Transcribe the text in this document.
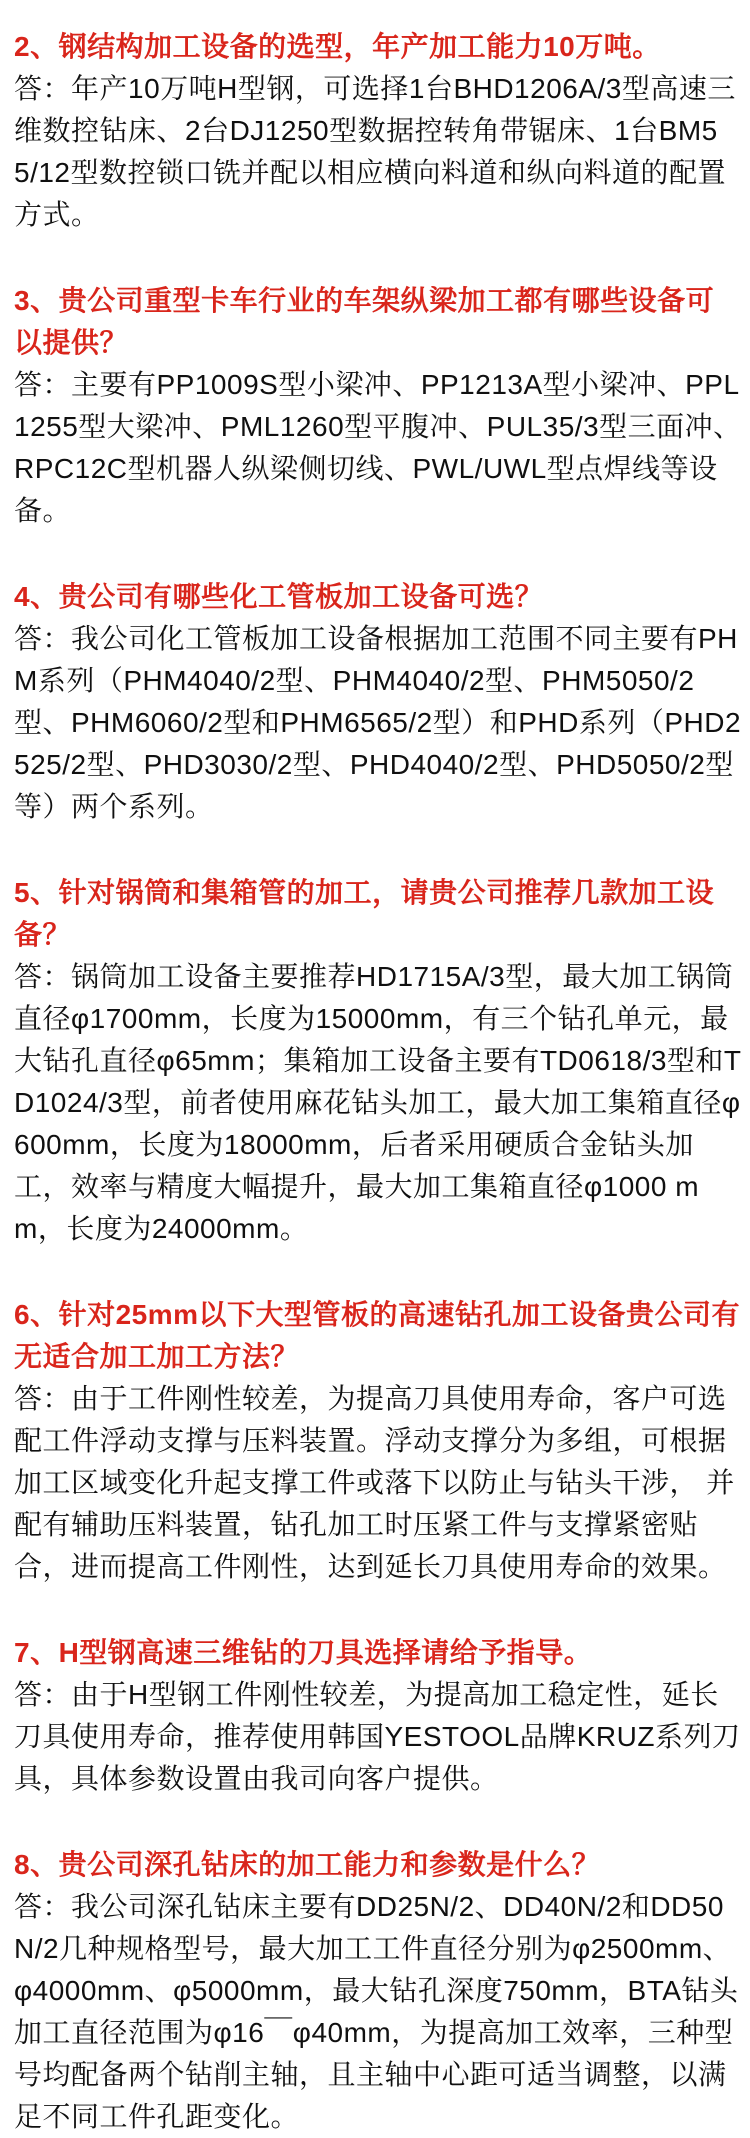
2、钢结构加工设备的选型，年产加工能力10万吨。

答：年产10万吨H型钢，可选择1台BHD1206A/3型高速三维数控钻床、2台DJ1250型数据控转角带锯床、1台BM55/12型数控锁口铣并配以相应横向料道和纵向料道的配置方式。

3、贵公司重型卡车行业的车架纵梁加工都有哪些设备可以提供？

答：主要有PP1009S型小梁冲、PP1213A型小梁冲、PPL1255型大梁冲、PML1260型平腹冲、PUL35/3型三面冲、RPC12C型机器人纵梁侧切线、PWL/UWL型点焊线等设备。

4、贵公司有哪些化工管板加工设备可选？

答：我公司化工管板加工设备根据加工范围不同主要有PHM系列（PHM4040/2型、PHM4040/2型、PHM5050/2型、PHM6060/2型和PHM6565/2型）和PHD系列（PHD2525/2型、PHD3030/2型、PHD4040/2型、PHD5050/2型等）两个系列。

5、针对锅筒和集箱管的加工，请贵公司推荐几款加工设备？

答：锅筒加工设备主要推荐HD1715A/3型，最大加工锅筒直径φ1700mm，长度为15000mm，有三个钻孔单元，最大钻孔直径φ65mm；集箱加工设备主要有TD0618/3型和TD1024/3型，前者使用麻花钻头加工，最大加工集箱直径φ600mm，长度为18000mm，后者采用硬质合金钻头加工，效率与精度大幅提升，最大加工集箱直径φ1000 mm，长度为24000mm。

6、针对25mm以下大型管板的高速钻孔加工设备贵公司有无适合加工加工方法？

答：由于工件刚性较差，为提高刀具使用寿命，客户可选配工件浮动支撑与压料装置。浮动支撑分为多组，可根据加工区域变化升起支撑工件或落下以防止与钻头干涉， 并配有辅助压料装置，钻孔加工时压紧工件与支撑紧密贴合，进而提高工件刚性，达到延长刀具使用寿命的效果。

7、H型钢高速三维钻的刀具选择请给予指导。

答：由于H型钢工件刚性较差，为提高加工稳定性，延长刀具使用寿命，推荐使用韩国YESTOOL品牌KRUZ系列刀具，具体参数设置由我司向客户提供。

8、贵公司深孔钻床的加工能力和参数是什么？

答：我公司深孔钻床主要有DD25N/2、DD40N/2和DD50N/2几种规格型号，最大加工工件直径分别为φ2500mm、φ4000mm、φ5000mm，最大钻孔深度750mm，BTA钻头加工直径范围为φ16￣φ40mm，为提高加工效率，三种型号均配备两个钻削主轴，且主轴中心距可适当调整，以满足不同工件孔距变化。
